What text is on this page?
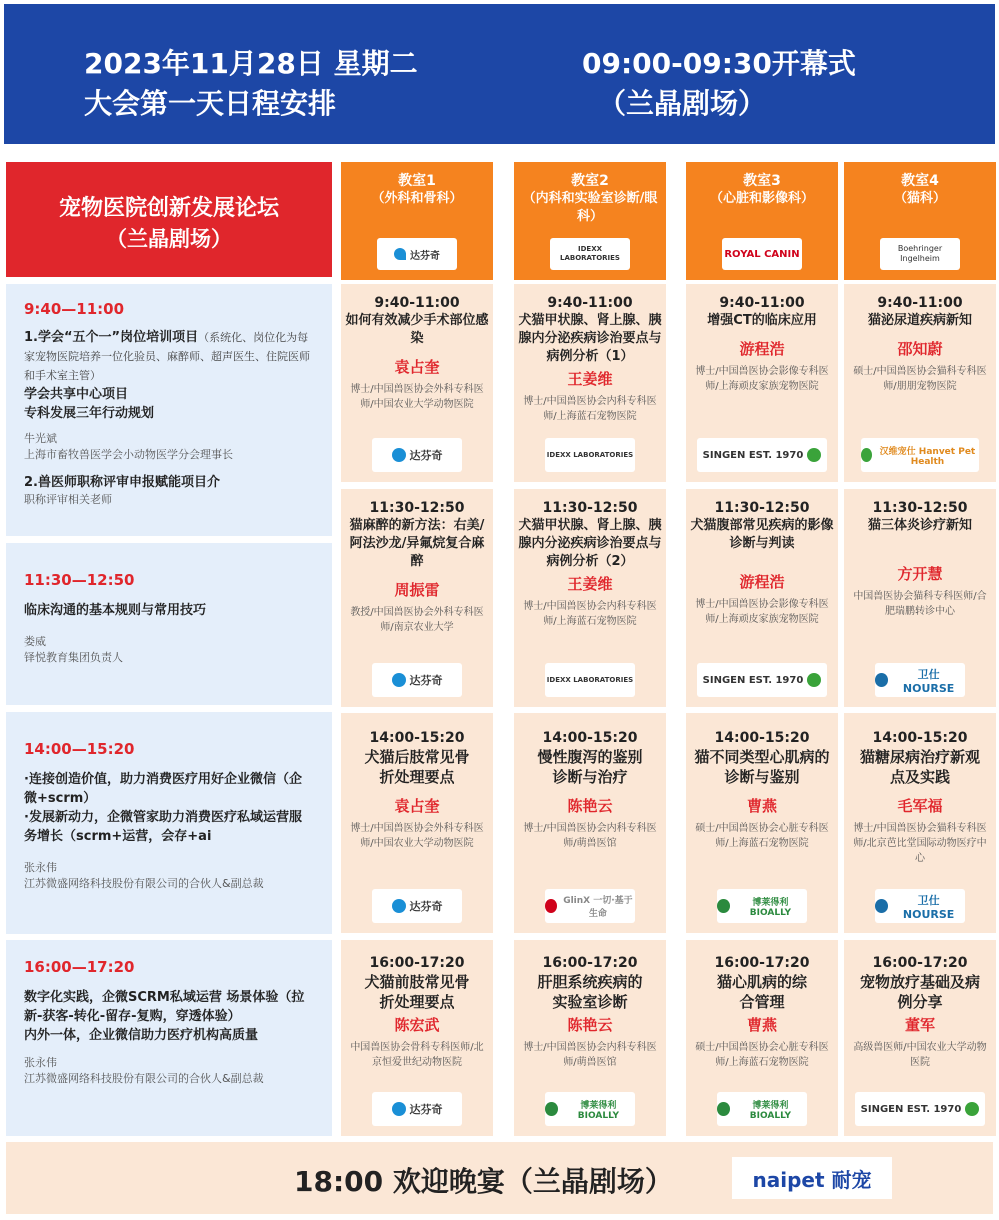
2023年11月28日 星期二
大会第一天日程安排
09:00-09:30开幕式
（兰晶剧场）
宠物医院创新发展论坛
（兰晶剧场）
教室1
（外科和骨科）
达芬奇
教室2
（内科和实验室诊断/眼科）
IDEXX LABORATORIES
教室3
（心脏和影像科）
ROYAL CANIN
教室4
（猫科）
Boehringer Ingelheim
9:40—11:00
1.学会“五个一”岗位培训项目（系统化、岗位化为每家宠物医院培养一位化验员、麻醉师、超声医生、住院医师和手术室主管）
学会共享中心项目
专科发展三年行动规划
牛光斌
上海市畜牧兽医学会小动物医学分会理事长
2.兽医师职称评审申报赋能项目介
职称评审相关老师
11:30—12:50
临床沟通的基本规则与常用技巧
娄威
铎悦教育集团负责人
14:00—15:20
·连接创造价值，助力消费医疗用好企业微信（企微+scrm）
·发展新动力，企微管家助力消费医疗私域运营服务增长（scrm+运营，会存+ai
张永伟
江苏微盛网络科技股份有限公司的合伙人&副总裁
16:00—17:20
数字化实践，企微SCRM私域运营 场景体验（拉新-获客-转化-留存-复购，穿透体验）
内外一体，企业微信助力医疗机构高质量
张永伟
江苏微盛网络科技股份有限公司的合伙人&副总裁
9:40-11:00
如何有效减少手术部位感染
袁占奎
博士/中国兽医协会外科专科医师/中国农业大学动物医院
达芬奇
9:40-11:00
犬猫甲状腺、肾上腺、胰腺内分泌疾病诊治要点与病例分析（1）
王姜维
博士/中国兽医协会内科专科医师/上海蓝石宠物医院
IDEXX LABORATORIES
9:40-11:00
增强CT的临床应用
游程浩
博士/中国兽医协会影像专科医师/上海顽皮家族宠物医院
SINGEN EST. 1970
9:40-11:00
猫泌尿道疾病新知
邵知蔚
硕士/中国兽医协会猫科专科医师/朋朋宠物医院
汉维宠仕 Hanvet Pet Health
11:30-12:50
猫麻醉的新方法：右美/阿法沙龙/异氟烷复合麻醉
周振雷
教授/中国兽医协会外科专科医师/南京农业大学
达芬奇
11:30-12:50
犬猫甲状腺、肾上腺、胰腺内分泌疾病诊治要点与病例分析（2）
王姜维
博士/中国兽医协会内科专科医师/上海蓝石宠物医院
IDEXX LABORATORIES
11:30-12:50
犬猫腹部常见疾病的影像诊断与判读
游程浩
博士/中国兽医协会影像专科医师/上海顽皮家族宠物医院
SINGEN EST. 1970
11:30-12:50
猫三体炎诊疗新知
方开慧
中国兽医协会猫科专科医师/合肥瑞鹏转诊中心
卫仕 NOURSE
14:00-15:20
犬猫后肢常见骨折处理要点
袁占奎
博士/中国兽医协会外科专科医师/中国农业大学动物医院
达芬奇
14:00-15:20
慢性腹泻的鉴别诊断与治疗
陈艳云
博士/中国兽医协会内科专科医师/萌兽医馆
GlinX 一切·基于生命
14:00-15:20
猫不同类型心肌病的诊断与鉴别
曹燕
硕士/中国兽医协会心脏专科医师/上海蓝石宠物医院
博莱得利 BIOALLY
14:00-15:20
猫糖尿病治疗新观点及实践
毛军福
博士/中国兽医协会猫科专科医师/北京芭比堂国际动物医疗中心
卫仕 NOURSE
16:00-17:20
犬猫前肢常见骨折处理要点
陈宏武
中国兽医协会骨科专科医师/北京恒爱世纪动物医院
达芬奇
16:00-17:20
肝胆系统疾病的实验室诊断
陈艳云
博士/中国兽医协会内科专科医师/萌兽医馆
博莱得利 BIOALLY
16:00-17:20
猫心肌病的综合管理
曹燕
硕士/中国兽医协会心脏专科医师/上海蓝石宠物医院
博莱得利 BIOALLY
16:00-17:20
宠物放疗基础及病例分享
董军
高级兽医师/中国农业大学动物医院
SINGEN EST. 1970
18:00 欢迎晚宴（兰晶剧场）	naipet 耐宠
